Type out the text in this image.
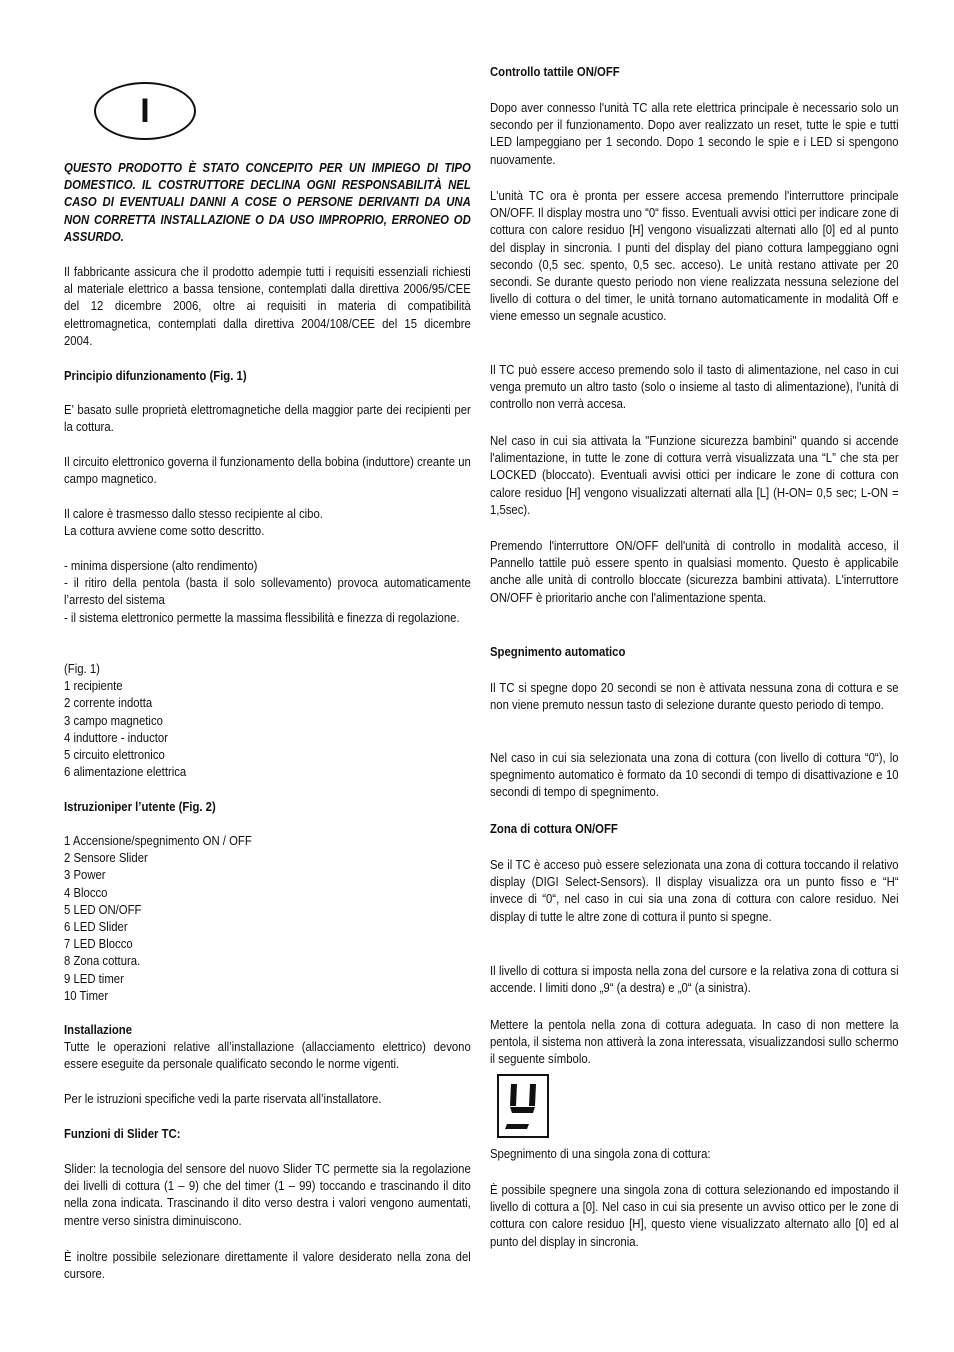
I

QUESTO PRODOTTO È STATO CONCEPITO PER UN IMPIEGO DI TIPO DOMESTICO. IL COSTRUTTORE DECLINA OGNI RESPONSABILITÀ NEL CASO DI EVENTUALI DANNI A COSE O PERSONE DERIVANTI DA UNA NON CORRETTA INSTALLAZIONE O DA USO IMPROPRIO, ERRONEO OD ASSURDO.

Il fabbricante assicura che il prodotto adempie tutti i requisiti essenziali richiesti al materiale elettrico a bassa tensione, contemplati dalla direttiva 2006/95/CEE del 12 dicembre 2006, oltre ai requisiti in materia di compatibilità elettromagnetica, contemplati dalla direttiva 2004/108/CEE del 15 dicembre 2004.

Principio difunzionamento (Fig. 1)

E’ basato sulle proprietà elettromagnetiche della maggior parte dei recipienti per la cottura.

Il circuito elettronico governa il funzionamento della bobina (induttore) creante un campo magnetico.

Il calore è trasmesso dallo stesso recipiente al cibo.
La cottura avviene come sotto descritto.
- minima dispersione (alto rendimento)
- il ritiro della pentola (basta il solo sollevamento) provoca automaticamente l’arresto del sistema
- il sistema elettronico permette la massima flessibilità e finezza di regolazione.
(Fig. 1)
1 recipiente
2 corrente indotta
3 campo magnetico
4 induttore - inductor
5 circuito elettronico
6 alimentazione elettrica

Istruzioniper l’utente (Fig. 2)

1 Accensione/spegnimento ON / OFF
2 Sensore Slider
3 Power
4 Blocco
5 LED ON/OFF
6 LED Slider
7 LED Blocco
8 Zona cottura.
9 LED timer
10 Timer

Installazione

Tutte le operazioni relative all’installazione (allacciamento elettrico) devono essere eseguite da personale qualificato secondo le norme vigenti.

Per le istruzioni specifiche vedi la parte riservata all’installatore.

Funzioni di Slider TC:

Slider: la tecnologia del sensore del nuovo Slider TC permette sia la regolazione dei livelli di cottura (1 – 9) che del timer (1 – 99) toccando e trascinando il dito nella zona indicata. Trascinando il dito verso destra i valori vengono aumentati, mentre verso sinistra diminuiscono.

È inoltre possibile selezionare direttamente il valore desiderato nella zona del cursore.

Controllo tattile ON/OFF

Dopo aver connesso l'unità TC alla rete elettrica principale è necessario solo un secondo per il funzionamento. Dopo aver realizzato un reset, tutte le spie e tutti LED lampeggiano per 1 secondo. Dopo 1 secondo le spie e i LED si spengono nuovamente.

L'unità TC ora è pronta per essere accesa premendo l'interruttore principale ON/OFF. Il display mostra uno “0“ fisso. Eventuali avvisi ottici per indicare zone di cottura con calore residuo [H] vengono visualizzati alternati allo [0] ed al punto del display in sincronia. I punti del display del piano cottura lampeggiano ogni secondo (0,5 sec. spento, 0,5 sec. acceso). Le unità restano attivate per 20 secondi. Se durante questo periodo non viene realizzata nessuna selezione del livello di cottura o del timer, le unità tornano automaticamente in modalità Off e viene emesso un segnale acustico.

Il TC può essere acceso premendo solo il tasto di alimentazione, nel caso in cui venga premuto un altro tasto (solo o insieme al tasto di alimentazione), l'unità di controllo non verrà accesa.

Nel caso in cui sia attivata la "Funzione sicurezza bambini" quando si accende l'alimentazione, in tutte le zone di cottura verrà visualizzata una “L” che sta per LOCKED (bloccato). Eventuali avvisi ottici per indicare le zone di cottura con calore residuo [H] vengono visualizzati alternati alla [L] (H-ON= 0,5 sec; L-ON = 1,5sec).

Premendo l'interruttore ON/OFF dell'unità di controllo in modalità acceso, il Pannello tattile può essere spento in qualsiasi momento. Questo è applicabile anche alle unità di controllo bloccate (sicurezza bambini attivata). L'interruttore ON/OFF è prioritario anche con l'alimentazione spenta.

Spegnimento automatico

Il TC si spegne dopo 20 secondi se non è attivata nessuna zona di cottura e se non viene premuto nessun tasto di selezione durante questo periodo di tempo.

Nel caso in cui sia selezionata una zona di cottura (con livello di cottura “0“), lo spegnimento automatico è formato da 10 secondi di tempo di disattivazione e 10 secondi di tempo di spegnimento.

Zona di cottura ON/OFF

Se il TC è acceso può essere selezionata una zona di cottura toccando il relativo display (DIGI Select-Sensors). Il display visualizza ora un punto fisso e “H“ invece di “0“, nel caso in cui sia una zona di cottura con calore residuo. Nei display di tutte le altre zone di cottura il punto si spegne.

Il livello di cottura si imposta nella zona del cursore e la relativa zona di cottura si accende. I limiti dono „9“ (a destra) e „0“ (a sinistra).

Mettere la pentola nella zona di cottura adeguata. In caso di non mettere la pentola, il sistema non attiverà la zona interessata, visualizzandosi sullo schermo il seguente símbolo.

Spegnimento di una singola zona di cottura:

È possibile spegnere una singola zona di cottura selezionando ed impostando il livello di cottura a [0]. Nel caso in cui sia presente un avviso ottico per le zone di cottura con calore residuo [H], questo viene visualizzato alternato allo [0] ed al punto del display in sincronia.
